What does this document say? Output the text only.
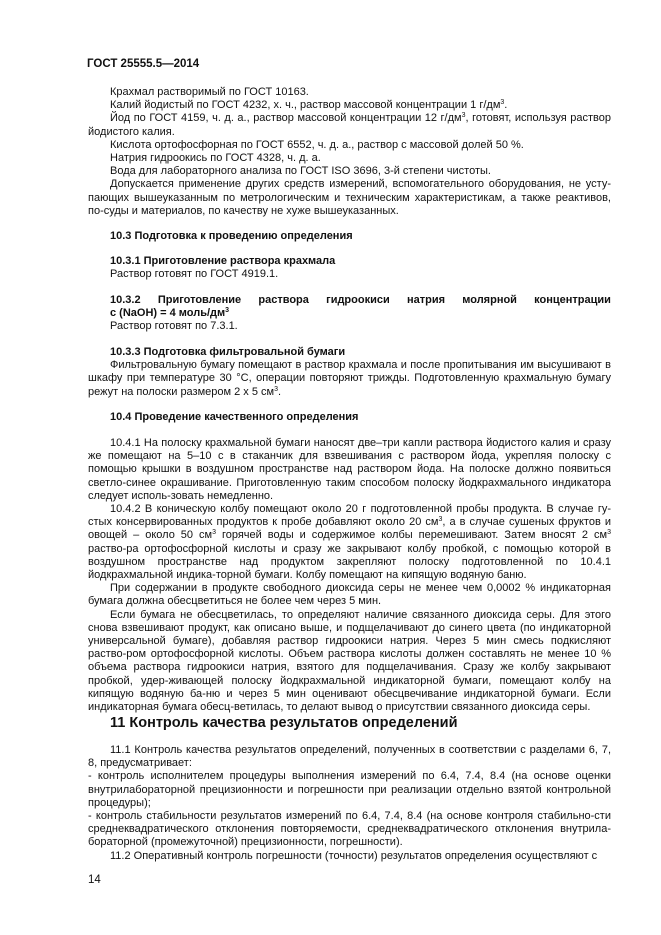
ГОСТ 25555.5—2014

Крахмал растворимый по ГОСТ 10163.

Калий йодистый по ГОСТ 4232, х. ч., раствор массовой концентрации 1 $г/дм^3$.

Йод по ГОСТ 4159, ч. д. а., раствор массовой концентрации 12 $г/дм^3$, готовят, используя раствор йодистого калия.

Кислота ортофосфорная по ГОСТ 6552, ч. д. а., раствор с массовой долей 50 %.

Натрия гидроокись по ГОСТ 4328, ч. д. а.

Вода для лабораторного анализа по ГОСТ ISO 3696, 3-й степени чистоты.

Допускается применение других средств измерений, вспомогательного оборудования, не усту-пающих вышеуказанным по метрологическим и техническим характеристикам, а также реактивов, по-суды и материалов, по качеству не хуже вышеуказанных.

10.3 Подготовка к проведению определения

10.3.1 Приготовление раствора крахмала

Раствор готовят по ГОСТ 4919.1.

10.3.2 Приготовление раствора гидроокиси натрия молярной концентрации

с (NaOH) = 4 моль/$дм^3$

Раствор готовят по 7.3.1.

10.3.3 Подготовка фильтровальной бумаги

Фильтровальную бумагу помещают в раствор крахмала и после пропитывания им высушивают в шкафу при температуре 30 °С, операции повторяют трижды. Подготовленную крахмальную бумагу режут на полоски размером 2 х 5 $см^3$.

10.4 Проведение качественного определения

10.4.1 На полоску крахмальной бумаги наносят две–три капли раствора йодистого калия и сразу же помещают на 5–10 с в стаканчик для взвешивания с раствором йода, укрепляя полоску с помощью крышки в воздушном пространстве над раствором йода. На полоске должно появиться светло-синее окрашивание. Приготовленную таким способом полоску йодкрахмального индикатора следует исполь-зовать немедленно.

10.4.2 В коническую колбу помещают около 20 г подготовленной пробы продукта. В случае гу-стых консервированных продуктов к пробе добавляют около 20 $см^3$, а в случае сушеных фруктов и овощей – около 50 $см^3$ горячей воды и содержимое колбы перемешивают. Затем вносят 2 $см^3$ раство-ра ортофосфорной кислоты и сразу же закрывают колбу пробкой, с помощью которой в воздушном пространстве над продуктом закрепляют полоску подготовленной по 10.4.1 йодкрахмальной индика-торной бумаги. Колбу помещают на кипящую водяную баню.

При содержании в продукте свободного диоксида серы не менее чем 0,0002 % индикаторная бумага должна обесцветиться не более чем через 5 мин.

Если бумага не обесцветилась, то определяют наличие связанного диоксида серы. Для этого снова взвешивают продукт, как описано выше, и подщелачивают до синего цвета (по индикаторной универсальной бумаге), добавляя раствор гидроокиси натрия. Через 5 мин смесь подкисляют раство-ром ортофосфорной кислоты. Объем раствора кислоты должен составлять не менее 10 % объема раствора гидроокиси натрия, взятого для подщелачивания. Сразу же колбу закрывают пробкой, удер-живающей полоску йодкрахмальной индикаторной бумаги, помещают колбу на кипящую водяную ба-ню и через 5 мин оценивают обесцвечивание индикаторной бумаги. Если индикаторная бумага обесц-ветилась, то делают вывод о присутствии связанного диоксида серы.

11 Контроль качества результатов определений

11.1 Контроль качества результатов определений, полученных в соответствии с разделами 6, 7, 8, предусматривает:

- контроль исполнителем процедуры выполнения измерений по 6.4, 7.4, 8.4 (на основе оценки внутрилабораторной прецизионности и погрешности при реализации отдельно взятой контрольной процедуры);

- контроль стабильности результатов измерений по 6.4, 7.4, 8.4 (на основе контроля стабильно-сти среднеквадратического отклонения повторяемости, среднеквадратического отклонения внутрила-бораторной (промежуточной) прецизионности, погрешности).

11.2 Оперативный контроль погрешности (точности) результатов определения осуществляют с

14
